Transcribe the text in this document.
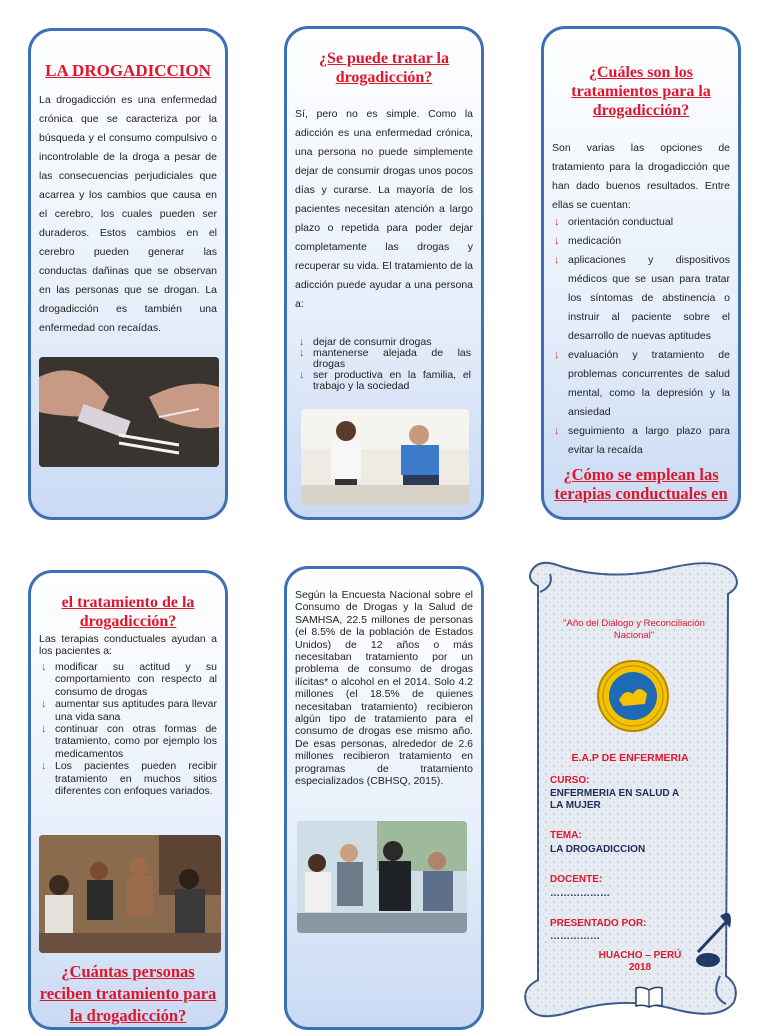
LA DROGADICCION

La drogadicción es una enfermedad crónica que se caracteriza por la búsqueda y el consumo compulsivo o incontrolable de la droga a pesar de las consecuencias perjudiciales que acarrea y los cambios que causa en el cerebro, los cuales pueden ser duraderos. Estos cambios en el cerebro pueden generar las conductas dañinas que se observan en las personas que se drogan. La drogadicción es también una enfermedad con recaídas.

¿Se puede tratar la drogadicción?

Sí, pero no es simple. Como la adicción es una enfermedad crónica, una persona no puede simplemente dejar de consumir drogas unos pocos días y curarse. La mayoría de los pacientes necesitan atención a largo plazo o repetida para poder dejar completamente las drogas y recuperar su vida. El tratamiento de la adicción puede ayudar a una persona a:

↓ dejar de consumir drogas
↓ mantenerse alejada de las drogas
↓ ser productiva en la familia, el trabajo y la sociedad
¿Cuáles son los tratamientos para la drogadicción?

Son varias las opciones de tratamiento para la drogadicción que han dado buenos resultados. Entre ellas se cuentan:

↓ orientación conductual
↓ medicación
↓ aplicaciones y dispositivos médicos que se usan para tratar los síntomas de abstinencia o instruir al paciente sobre el desarrollo de nuevas aptitudes
↓ evaluación y tratamiento de problemas concurrentes de salud mental, como la depresión y la ansiedad
↓ seguimiento a largo plazo para evitar la recaída
¿Cómo se emplean las terapias conductuales en
el tratamiento de la drogadicción?

Las terapias conductuales ayudan a los pacientes a:

↓ modificar su actitud y su comportamiento con respecto al consumo de drogas
↓ aumentar sus aptitudes para llevar una vida sana
↓ continuar con otras formas de tratamiento, como por ejemplo los medicamentos
↓ Los pacientes pueden recibir tratamiento en muchos sitios diferentes con enfoques variados.
¿Cuántas personas reciben tratamiento para la drogadicción?

Según la Encuesta Nacional sobre el Consumo de Drogas y la Salud de SAMHSA, 22.5 millones de personas (el 8.5% de la población de Estados Unidos) de 12 años o más necesitaban tratamiento por un problema de consumo de drogas ilícitas* o alcohol en el 2014. Solo 4.2 millones (el 18.5% de quienes necesitaban tratamiento) recibieron algún tipo de tratamiento para el consumo de drogas ese mismo año. De esas personas, alrededor de 2.6 millones recibieron tratamiento en programas de tratamiento especializados (CBHSQ, 2015).

"Año del Diálogo y Reconciliación Nacional"
E.A.P DE ENFERMERIA
CURSO:
ENFERMERIA EN SALUD A LA MUJER
TEMA:
LA DROGADICCION
DOCENTE:
………………
PRESENTADO POR:
……………
HUACHO – PERÚ
2018
